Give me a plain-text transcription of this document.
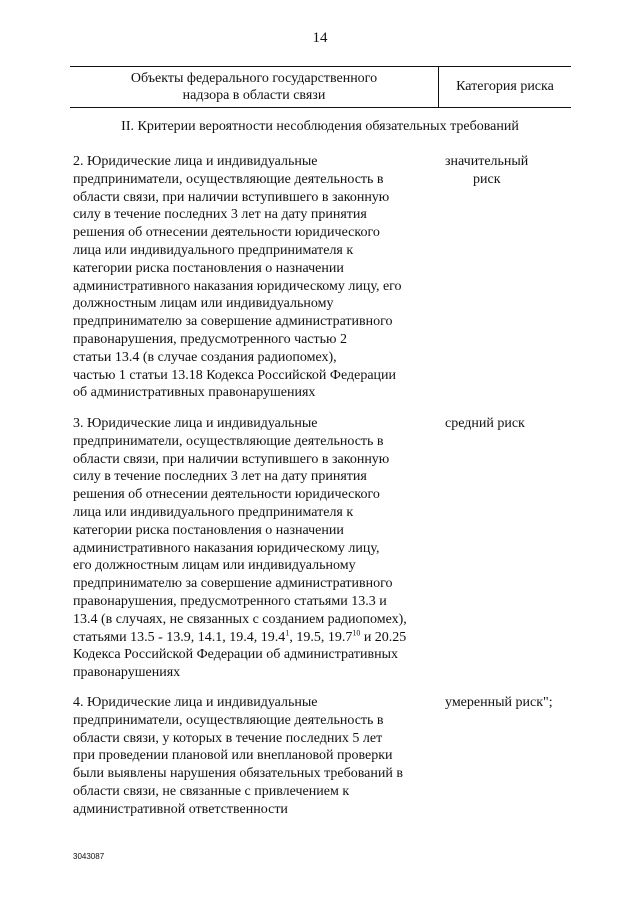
14
Объекты федерального государственного
надзора в области связи
Категория риска
II. Критерии вероятности несоблюдения обязательных требований
2. Юридические лица и индивидуальные
предприниматели, осуществляющие деятельность в
области связи, при наличии вступившего в законную
силу в течение последних 3 лет на дату принятия
решения об отнесении деятельности юридического
лица или индивидуального предпринимателя к
категории риска постановления о назначении
административного наказания юридическому лицу, его
должностным лицам или индивидуальному
предпринимателю за совершение административного
правонарушения, предусмотренного частью 2
статьи 13.4 (в случае создания радиопомех),
частью 1 статьи 13.18 Кодекса Российской Федерации
об административных правонарушениях
значительный
риск
3. Юридические лица и индивидуальные
предприниматели, осуществляющие деятельность в
области связи, при наличии вступившего в законную
силу в течение последних 3 лет на дату принятия
решения об отнесении деятельности юридического
лица или индивидуального предпринимателя к
категории риска постановления о назначении
административного наказания юридическому лицу,
его должностным лицам или индивидуальному
предпринимателю за совершение административного
правонарушения, предусмотренного статьями 13.3 и
13.4 (в случаях, не связанных с созданием радиопомех),
статьями 13.5 - 13.9, 14.1, 19.4, 19.4$^1$, 19.5, 19.7$^{10}$ и 20.25
Кодекса Российской Федерации об административных
правонарушениях
средний риск
4. Юридические лица и индивидуальные
предприниматели, осуществляющие деятельность в
области связи, у которых в течение последних 5 лет
при проведении плановой или внеплановой проверки
были выявлены нарушения обязательных требований в
области связи, не связанные с привлечением к
административной ответственности
умеренный риск";
3043087
